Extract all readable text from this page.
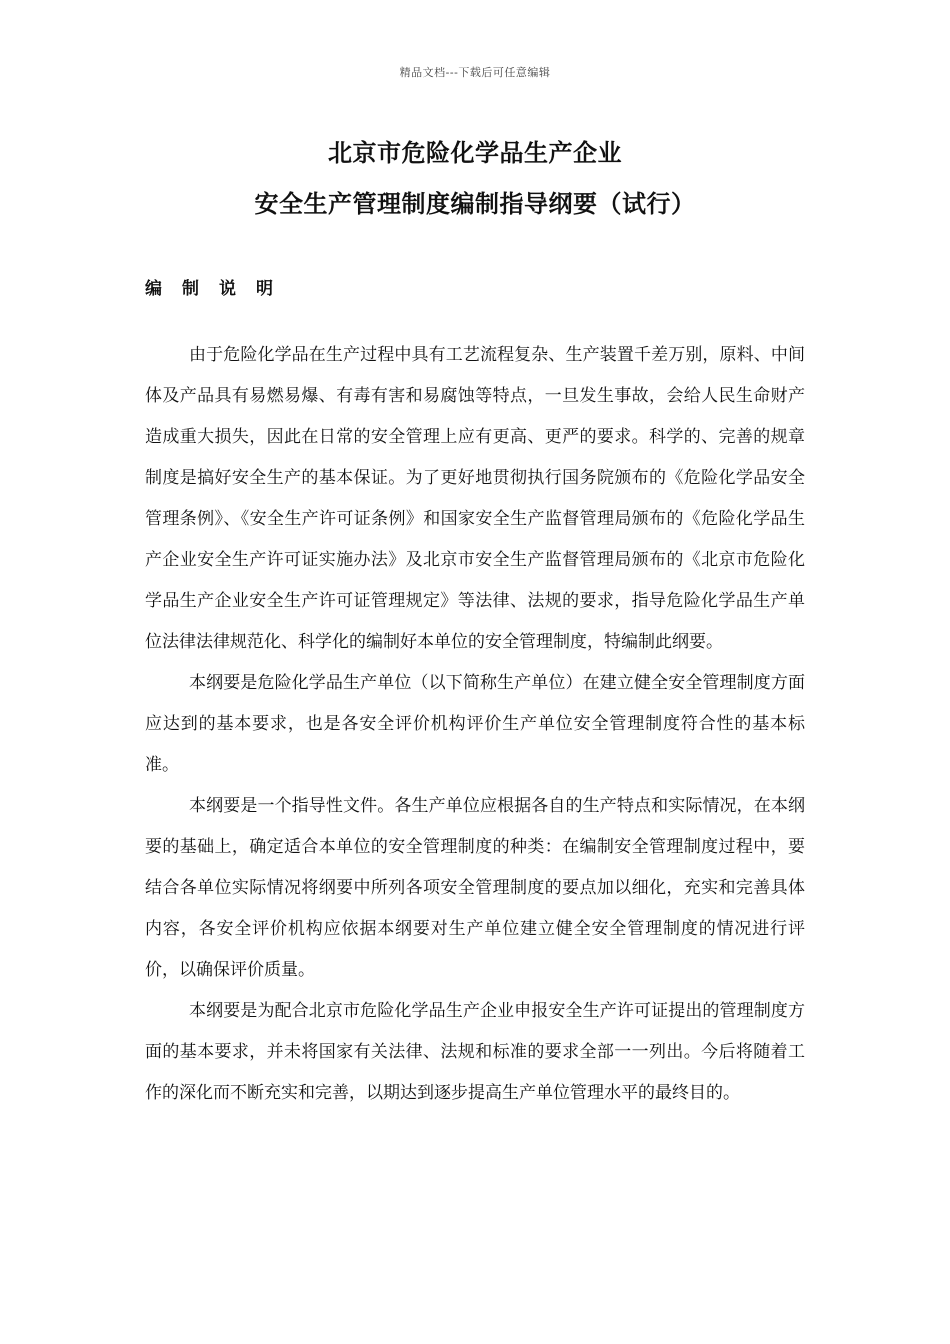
精品文档---下载后可任意编辑
北京市危险化学品生产企业
安全生产管理制度编制指导纲要（试行）
编制说明

由于危险化学品在生产过程中具有工艺流程复杂、生产装置千差万别，原料、中间体及产品具有易燃易爆、有毒有害和易腐蚀等特点，一旦发生事故，会给人民生命财产造成重大损失，因此在日常的安全管理上应有更高、更严的要求。科学的、完善的规章制度是搞好安全生产的基本保证。为了更好地贯彻执行国务院颁布的《危险化学品安全管理条例》、《安全生产许可证条例》和国家安全生产监督管理局颁布的《危险化学品生产企业安全生产许可证实施办法》及北京市安全生产监督管理局颁布的《北京市危险化学品生产企业安全生产许可证管理规定》等法律、法规的要求，指导危险化学品生产单位法律法律规范化、科学化的编制好本单位的安全管理制度，特编制此纲要。

本纲要是危险化学品生产单位（以下简称生产单位）在建立健全安全管理制度方面应达到的基本要求，也是各安全评价机构评价生产单位安全管理制度符合性的基本标准。

本纲要是一个指导性文件。各生产单位应根据各自的生产特点和实际情况，在本纲要的基础上，确定适合本单位的安全管理制度的种类：在编制安全管理制度过程中，要结合各单位实际情况将纲要中所列各项安全管理制度的要点加以细化，充实和完善具体内容，各安全评价机构应依据本纲要对生产单位建立健全安全管理制度的情况进行评价，以确保评价质量。

本纲要是为配合北京市危险化学品生产企业申报安全生产许可证提出的管理制度方面的基本要求，并未将国家有关法律、法规和标准的要求全部一一列出。今后将随着工作的深化而不断充实和完善，以期达到逐步提高生产单位管理水平的最终目的。
